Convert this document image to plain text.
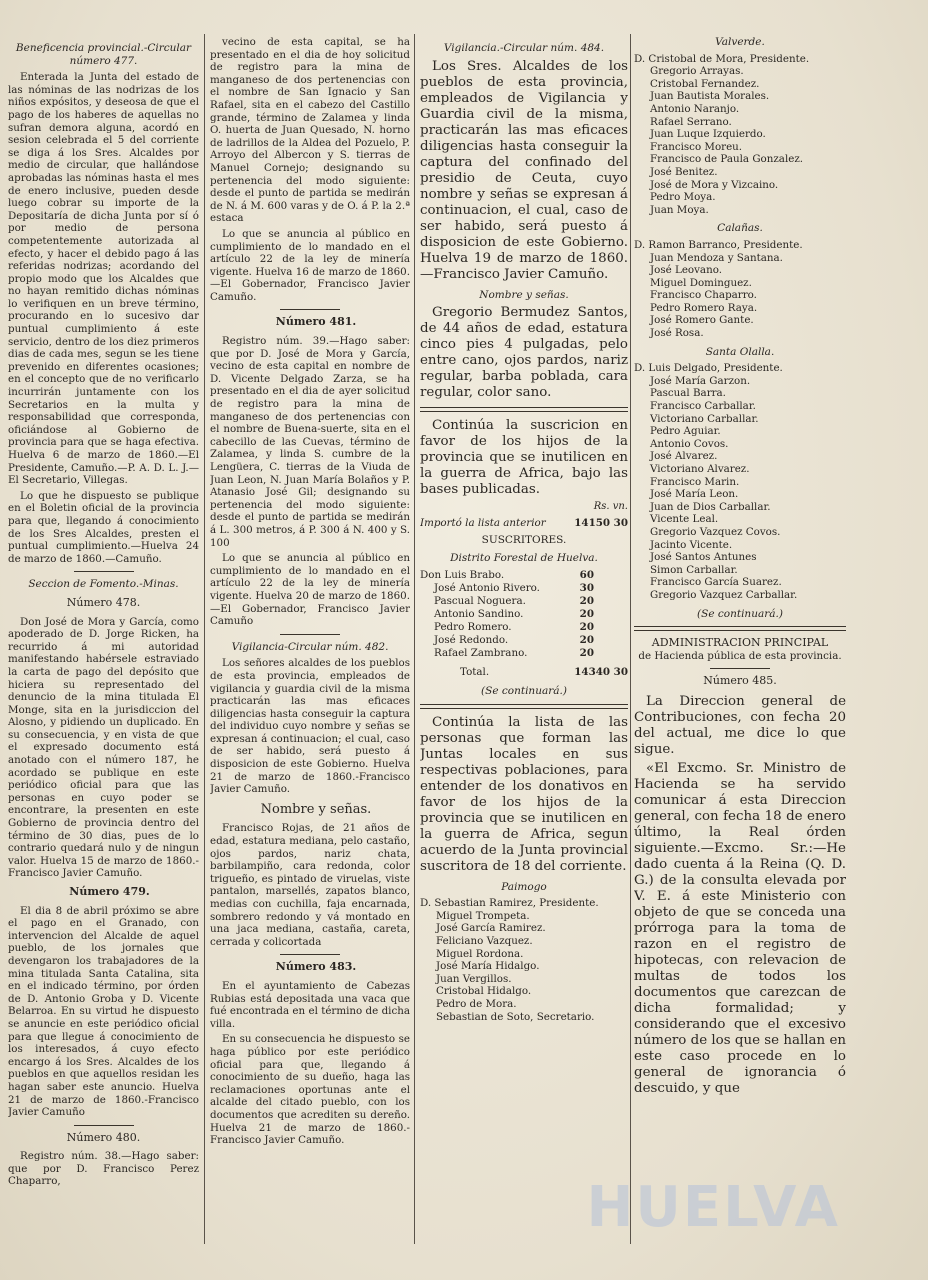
Beneficencia provincial.-Circular número 477.

Enterada la Junta del estado de las nóminas de las nodrizas de los niños expósitos, y deseosa de que el pago de los haberes de aquellas no sufran demora alguna, acordó en sesion celebrada el 5 del corriente se diga á los Sres. Alcaldes por medio de circular, que hallándose aprobadas las nóminas hasta el mes de enero inclusive, pueden desde luego cobrar su importe de la Depositaría de dicha Junta por sí ó por medio de persona competentemente autorizada al efecto, y hacer el debido pago á las referidas nodrizas; acordando del propio modo que los Alcaldes que no hayan remitido dichas nóminas lo verifiquen en un breve término, procurando en lo sucesivo dar puntual cumplimiento á este servicio, dentro de los diez primeros dias de cada mes, segun se les tiene prevenido en diferentes ocasiones; en el concepto que de no verificarlo incurrirán juntamente con los Secretarios en la multa y responsabilidad que corresponda, oficiándose al Gobierno de provincia para que se haga efectiva. Huelva 6 de marzo de 1860.—El Presidente, Camuño.—P. A. D. L. J.—El Secretario, Villegas.

Lo que he dispuesto se publique en el Boletin oficial de la provincia para que, llegando á conocimiento de los Sres Alcaldes, presten el puntual cumplimiento.—Huelva 24 de marzo de 1860.—Camuño.

Seccion de Fomento.-Minas.

Número 478.

Don José de Mora y García, como apoderado de D. Jorge Ricken, ha recurrido á mi autoridad manifestando habérsele estraviado la carta de pago del depósito que hiciera su representado del denuncio de la mina titulada El Monge, sita en la jurisdiccion del Alosno, y pidiendo un duplicado. En su consecuencia, y en vista de que el expresado documento está anotado con el número 187, he acordado se publique en este periódico oficial para que las personas en cuyo poder se encontrare, la presenten en este Gobierno de provincia dentro del término de 30 dias, pues de lo contrario quedará nulo y de ningun valor. Huelva 15 de marzo de 1860.-Francisco Javier Camuño.

Número 479.

El dia 8 de abril próximo se abre el pago en el Granado, con intervencion del Alcalde de aquel pueblo, de los jornales que devengaron los trabajadores de la mina titulada Santa Catalina, sita en el indicado término, por órden de D. Antonio Groba y D. Vicente Belarroa. En su virtud he dispuesto se anuncie en este periódico oficial para que llegue á conocimiento de los interesados, á cuyo efecto encargo á los Sres. Alcaldes de los pueblos en que aquellos residan les hagan saber este anuncio. Huelva 21 de marzo de 1860.-Francisco Javier Camuño

Número 480.

Registro núm. 38.—Hago saber: que por D. Francisco Perez Chaparro,

vecino de esta capital, se ha presentado en el dia de hoy solicitud de registro para la mina de manganeso de dos pertenencias con el nombre de San Ignacio y San Rafael, sita en el cabezo del Castillo grande, término de Zalamea y linda O. huerta de Juan Quesado, N. horno de ladrillos de la Aldea del Pozuelo, P. Arroyo del Albercon y S. tierras de Manuel Cornejo; designando su pertenencia del modo siguiente: desde el punto de partida se medirán de N. á M. 600 varas y de O. á P. la 2.ª estaca

Lo que se anuncia al público en cumplimiento de lo mandado en el artículo 22 de la ley de minería vigente. Huelva 16 de marzo de 1860. —El Gobernador, Francisco Javier Camuño.

Número 481.

Registro núm. 39.—Hago saber: que por D. José de Mora y García, vecino de esta capital en nombre de D. Vicente Delgado Zarza, se ha presentado en el dia de ayer solicitud de registro para la mina de manganeso de dos pertenencias con el nombre de Buena-suerte, sita en el cabecillo de las Cuevas, término de Zalamea, y linda S. cumbre de la Lengüera, C. tierras de la Viuda de Juan Leon, N. Juan María Bolaños y P. Atanasio José Gil; designando su pertenencia del modo siguiente: desde el punto de partida se medirán á L. 300 metros, á P. 300 á N. 400 y S. 100

Lo que se anuncia al público en cumplimiento de lo mandado en el artículo 22 de la ley de minería vigente. Huelva 20 de marzo de 1860. —El Gobernador, Francisco Javier Camuño

Vigilancia-Circular núm. 482.

Los señores alcaldes de los pueblos de esta provincia, empleados de vigilancia y guardia civil de la misma practicarán las mas eficaces diligencias hasta conseguir la captura del individuo cuyo nombre y señas se expresan á continuacion; el cual, caso de ser habido, será puesto á disposicion de este Gobierno. Huelva 21 de marzo de 1860.-Francisco Javier Camuño.

Nombre y señas.

Francisco Rojas, de 21 años de edad, estatura mediana, pelo castaño, ojos pardos, nariz chata, barbilampiño, cara redonda, color trigueño, es pintado de viruelas, viste pantalon, marsellés, zapatos blanco, medias con cuchilla, faja encarnada, sombrero redondo y vá montado en una jaca mediana, castaña, careta, cerrada y colicortada

Número 483.

En el ayuntamiento de Cabezas Rubias está depositada una vaca que fué encontrada en el término de dicha villa.

En su consecuencia he dispuesto se haga público por este periódico oficial para que, llegando á conocimiento de su dueño, haga las reclamaciones oportunas ante el alcalde del citado pueblo, con los documentos que acrediten su dereño. Huelva 21 de marzo de 1860.-Francisco Javier Camuño.

Vigilancia.-Circular núm. 484.

Los Sres. Alcaldes de los pueblos de esta provincia, empleados de Vigilancia y Guardia civil de la misma, practicarán las mas eficaces diligencias hasta conseguir la captura del confinado del presidio de Ceuta, cuyo nombre y señas se expresan á continuacion, el cual, caso de ser habido, será puesto á disposicion de este Gobierno. Huelva 19 de marzo de 1860. —Francisco Javier Camuño.

Nombre y señas.

Gregorio Bermudez Santos, de 44 años de edad, estatura cinco pies 4 pulgadas, pelo entre cano, ojos pardos, nariz regular, barba poblada, cara regular, color sano.

Continúa la suscricion en favor de los hijos de la provincia que se inutilicen en la guerra de Africa, bajo las bases publicadas.

Rs. vn.

Importó la lista anterior	14150 30

SUSCRITORES.

Distrito Forestal de Huelva.

Don Luis Brabo.	60
José Antonio Rivero.	30
Pascual Noguera.	20
Antonio Sandino.	20
Pedro Romero.	20
José Redondo.	20
Rafael Zambrano.	20
Total.	14340 30

(Se continuará.)

Continúa la lista de las personas que forman las Juntas locales en sus respectivas poblaciones, para entender de los donativos en favor de los hijos de la provincia que se inutilicen en la guerra de Africa, segun acuerdo de la Junta provincial suscritora de 18 del corriente.

Paimogo

D. Sebastian Ramirez, Presidente.
Miguel Trompeta.
José García Ramirez.
Feliciano Vazquez.
Miguel Rordona.
José María Hidalgo.
Juan Vergillos.
Cristobal Hidalgo.
Pedro de Mora.
Sebastian de Soto, Secretario.

Valverde.

D. Cristobal de Mora, Presidente.
Gregorio Arrayas.
Cristobal Fernandez.
Juan Bautista Morales.
Antonio Naranjo.
Rafael Serrano.
Juan Luque Izquierdo.
Francisco Moreu.
Francisco de Paula Gonzalez.
José Benitez.
José de Mora y Vizcaino.
Pedro Moya.
Juan Moya.

Calañas.

D. Ramon Barranco, Presidente.
Juan Mendoza y Santana.
José Leovano.
Miguel Dominguez.
Francisco Chaparro.
Pedro Romero Raya.
José Romero Gante.
José Rosa.

Santa Olalla.

D. Luis Delgado, Presidente.
José María Garzon.
Pascual Barra.
Francisco Carballar.
Victoriano Carballar.
Pedro Aguiar.
Antonio Covos.
José Alvarez.
Victoriano Alvarez.
Francisco Marin.
José María Leon.
Juan de Dios Carballar.
Vicente Leal.
Gregorio Vazquez Covos.
Jacinto Vicente.
José Santos Antunes
Simon Carballar.
Francisco García Suarez.
Gregorio Vazquez Carballar.

(Se continuará.)

ADMINISTRACION PRINCIPAL

de Hacienda pública de esta provincia.

Número 485.

La Direccion general de Contribuciones, con fecha 20 del actual, me dice lo que sigue.

«El Excmo. Sr. Ministro de Hacienda se ha servido comunicar á esta Direccion general, con fecha 18 de enero último, la Real órden siguiente.—Excmo. Sr.:—He dado cuenta á la Reina (Q. D. G.) de la consulta elevada por V. E. á este Ministerio con objeto de que se conceda una prórroga para la toma de razon en el registro de hipotecas, con relevacion de multas de todos los documentos que carezcan de dicha formalidad; y considerando que el excesivo número de los que se hallan en este caso procede en lo general de ignorancia ó descuido, y que

HUELVA
